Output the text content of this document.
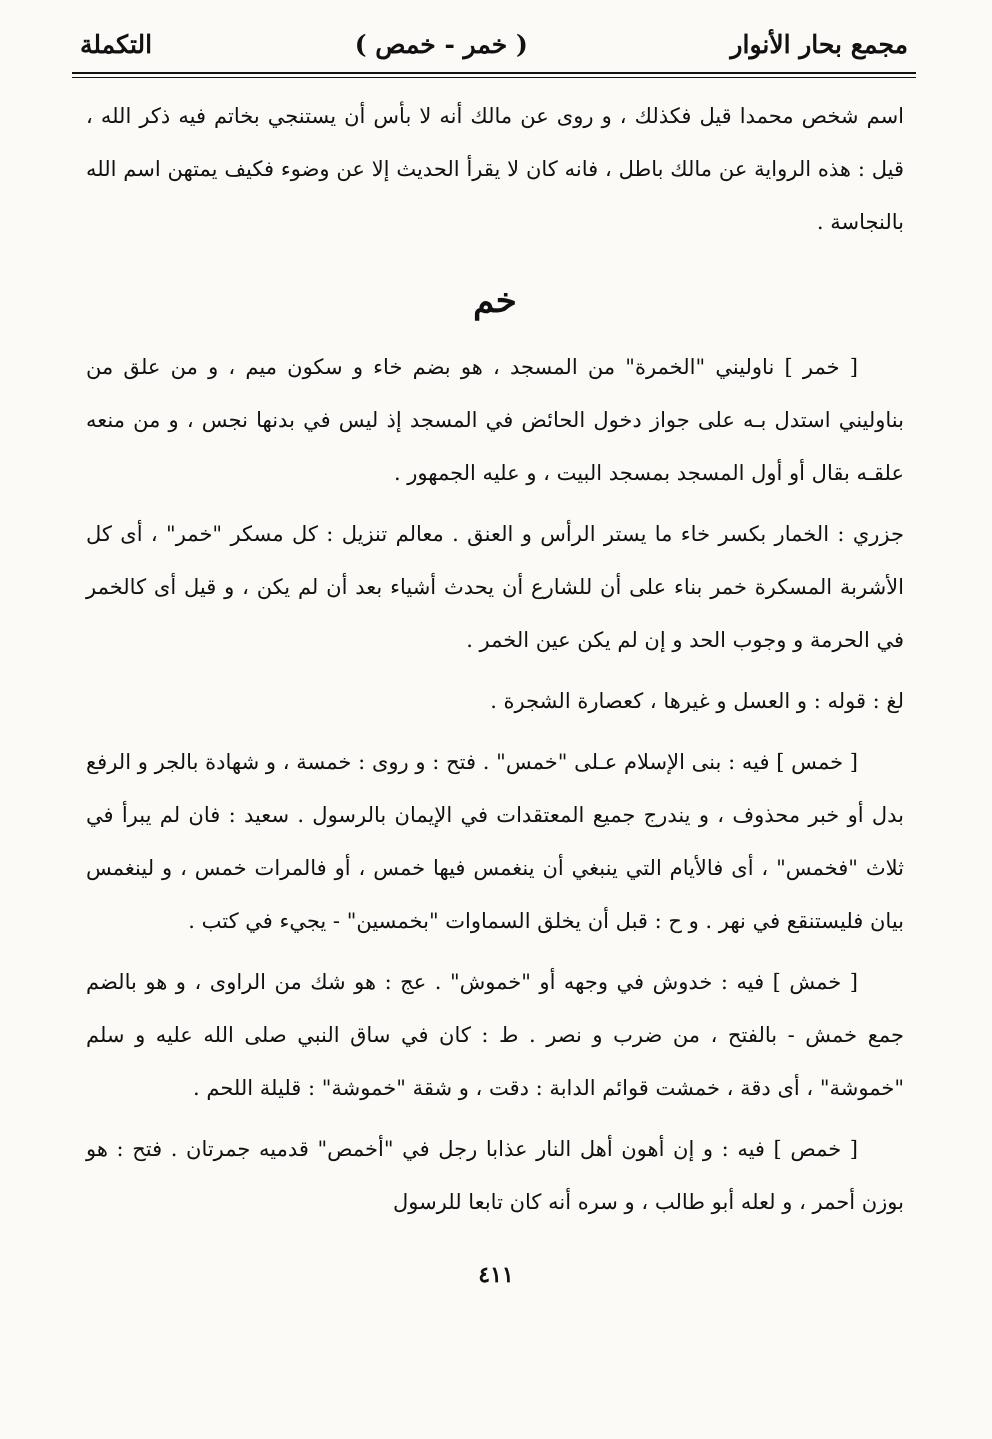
مجمع بحار الأنوار
( خمر - خمص )
التكملة

اسم شخص محمدا قيل فكذلك ، و روى عن مالك أنه لا بأس أن يستنجي بخاتم فيه ذكر الله ، قيل : هذه الرواية عن مالك باطل ، فانه كان لا يقرأ الحديث إلا عن وضوء فكيف يمتهن اسم الله بالنجاسة .

خم

[ خمر ] ناوليني "الخمرة" من المسجد ، هو بضم خاء و سكون ميم ، و من علق من بناوليني استدل بـه على جواز دخول الحائض في المسجد إذ ليس في بدنها نجس ، و من منعه علقـه بقال أو أول المسجد بمسجد البيت ، و عليه الجمهور .

جزري : الخمار بكسر خاء ما يستر الرأس و العنق . معالم تنزيل : كل مسكر "خمر" ، أى كل الأشربة المسكرة خمر بناء على أن للشارع أن يحدث أشياء بعد أن لم يكن ، و قيل أى كالخمر في الحرمة و وجوب الحد و إن لم يكن عين الخمر .

لغ : قوله : و العسل و غيرها ، كعصارة الشجرة .

[ خمس ] فيه : بنى الإسلام عـلى "خمس" . فتح : و روى : خمسة ، و شهادة بالجر و الرفع بدل أو خبر محذوف ، و يندرج جميع المعتقدات في الإيمان بالرسول . سعيد : فان لم يبرأ في ثلاث "فخمس" ، أى فالأيام التي ينبغي أن ينغمس فيها خمس ، أو فالمرات خمس ، و لينغمس بيان فليستنقع في نهر . و ح : قبل أن يخلق السماوات "بخمسين" - يجيء في كتب .

[ خمش ] فيه : خدوش في وجهه أو "خموش" . عج : هو شك من الراوى ، و هو بالضم جمع خمش - بالفتح ، من ضرب و نصر . ط : كان في ساق النبي صلى الله عليه و سلم "خموشة" ، أى دقة ، خمشت قوائم الدابة : دقت ، و شقة "خموشة" : قليلة اللحم .

[ خمص ] فيه : و إن أهون أهل النار عذابا رجل في "أخمص" قدميه جمرتان . فتح : هو بوزن أحمر ، و لعله أبو طالب ، و سره أنه كان تابعا للرسول

٤١١
